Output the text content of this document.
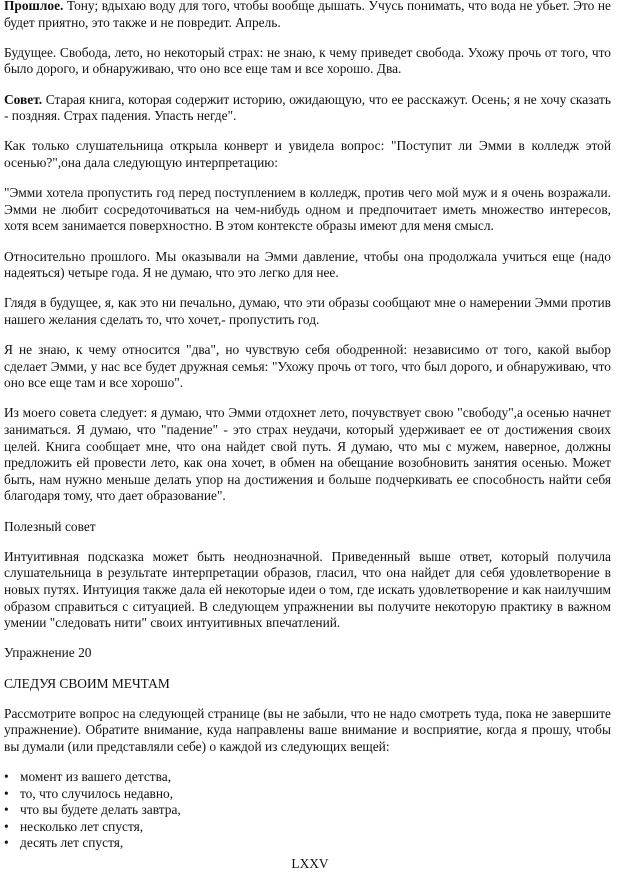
Прошлое. Тону; вдыхаю воду для того, чтобы вообще дышать. Учусь понимать, что вода не убьет. Это не будет приятно, это также и не повредит. Апрель.

Будущее. Свобода, лето, но некоторый страх: не знаю, к чему приведет свобода. Ухожу прочь от того, что было дорого, и обнаруживаю, что оно все еще там и все хорошо. Два.

Совет. Старая книга, которая содержит историю, ожидающую, что ее расскажут. Осень; я не хочу сказать - поздняя. Страх падения. Упасть негде".

Как только слушательница открыла конверт и увидела вопрос: "Поступит ли Эмми в колледж этой осенью?",она дала следующую интерпретацию:

"Эмми хотела пропустить год перед поступлением в колледж, против чего мой муж и я очень возражали. Эмми не любит сосредоточиваться на чем-нибудь одном и предпочитает иметь множество интересов, хотя всем занимается поверхностно. В этом контексте образы имеют для меня смысл.

Относительно прошлого. Мы оказывали на Эмми давление, чтобы она продолжала учиться еще (надо надеяться) четыре года. Я не думаю, что это легко для нее.

Глядя в будущее, я, как это ни печально, думаю, что эти образы сообщают мне о намерении Эмми против нашего желания сделать то, что хочет,- пропустить год.

Я не знаю, к чему относится "два", но чувствую себя ободренной: независимо от того, какой выбор сделает Эмми, у нас все будет дружная семья: "Ухожу прочь от того, что был дорого, и обнаруживаю, что оно все еще там и все хорошо".

Из моего совета следует: я думаю, что Эмми отдохнет лето, почувствует свою "свободу",а осенью начнет заниматься. Я думаю, что "падение" - это страх неудачи, который удерживает ее от достижения своих целей. Книга сообщает мне, что она найдет свой путь. Я думаю, что мы с мужем, наверное, должны предложить ей провести лето, как она хочет, в обмен на обещание возобновить занятия осенью. Может быть, нам нужно меньше делать упор на достижения и больше подчеркивать ее способность найти себя благодаря тому, что дает образование".

Полезный совет

Интуитивная подсказка может быть неоднозначной. Приведенный выше ответ, который получила слушательница в результате интерпретации образов, гласил, что она найдет для себя удовлетворение в новых путях. Интуиция также дала ей некоторые идеи о том, где искать удовлетворение и как наилучшим образом справиться с ситуацией. В следующем упражнении вы получите некоторую практику в важном умении "следовать нити" своих интуитивных впечатлений.

Упражнение 20

СЛЕДУЯ СВОИМ МЕЧТАМ

Рассмотрите вопрос на следующей странице (вы не забыли, что не надо смотреть туда, пока не завершите упражнение). Обратите внимание, куда направлены ваше внимание и восприятие, когда я прошу, чтобы вы думали (или представляли себе) о каждой из следующих вещей:

• момент из вашего детства,
• то, что случилось недавно,
• что вы будете делать завтра,
• несколько лет спустя,
• десять лет спустя,
LXXV
